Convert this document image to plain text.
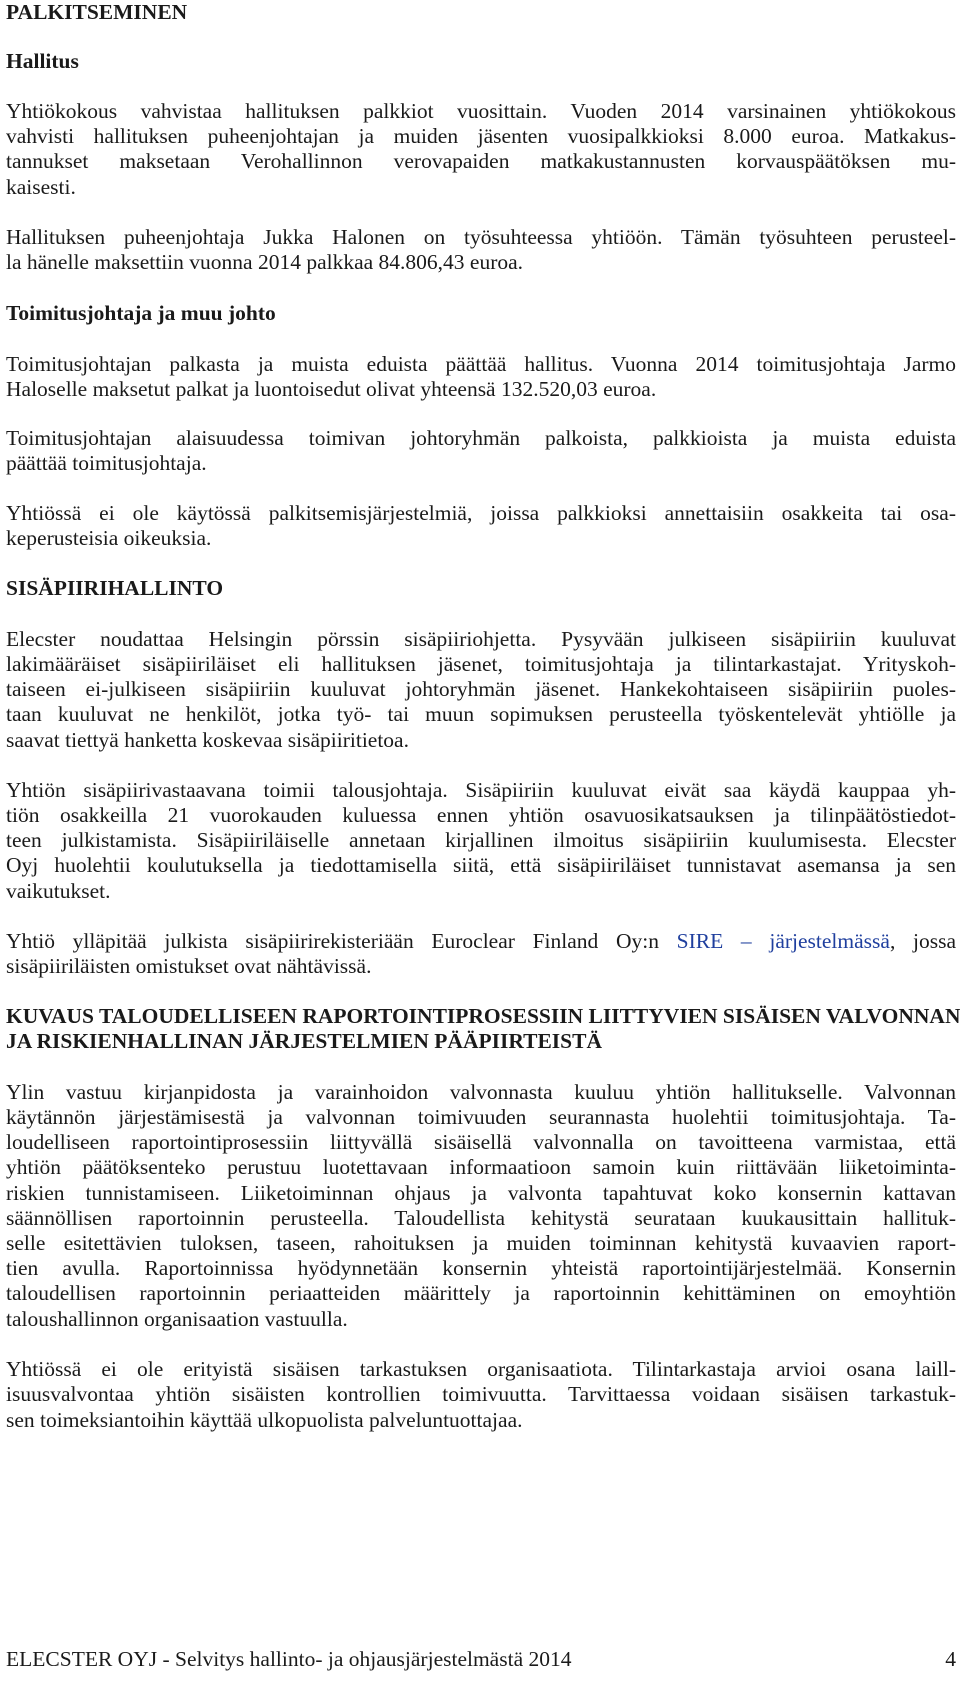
PALKITSEMINEN
Hallitus
Yhtiökokous vahvistaa hallituksen palkkiot vuosittain. Vuoden 2014 varsinainen yhtiökokous
vahvisti hallituksen puheenjohtajan ja muiden jäsenten vuosipalkkioksi 8.000 euroa. Matkakus-
tannukset maksetaan Verohallinnon verovapaiden matkakustannusten korvauspäätöksen mu-
kaisesti.
Hallituksen puheenjohtaja Jukka Halonen on työsuhteessa yhtiöön. Tämän työsuhteen perusteel-
la hänelle maksettiin vuonna 2014 palkkaa 84.806,43 euroa.
Toimitusjohtaja ja muu johto
Toimitusjohtajan palkasta ja muista eduista päättää hallitus. Vuonna 2014 toimitusjohtaja Jarmo
Haloselle maksetut palkat ja luontoisedut olivat yhteensä 132.520,03 euroa.
Toimitusjohtajan alaisuudessa toimivan johtoryhmän palkoista, palkkioista ja muista eduista
päättää toimitusjohtaja.
Yhtiössä ei ole käytössä palkitsemisjärjestelmiä, joissa palkkioksi annettaisiin osakkeita tai osa-
keperusteisia oikeuksia.
SISÄPIIRIHALLINTO
Elecster noudattaa Helsingin pörssin sisäpiiriohjetta. Pysyvään julkiseen sisäpiiriin kuuluvat
lakimääräiset sisäpiiriläiset eli hallituksen jäsenet, toimitusjohtaja ja tilintarkastajat. Yrityskoh-
taiseen ei-julkiseen sisäpiiriin kuuluvat johtoryhmän jäsenet. Hankekohtaiseen sisäpiiriin puoles-
taan kuuluvat ne henkilöt, jotka työ- tai muun sopimuksen perusteella työskentelevät yhtiölle ja
saavat tiettyä hanketta koskevaa sisäpiiritietoa.
Yhtiön sisäpiirivastaavana toimii talousjohtaja. Sisäpiiriin kuuluvat eivät saa käydä kauppaa yh-
tiön osakkeilla 21 vuorokauden kuluessa ennen yhtiön osavuosikatsauksen ja tilinpäätöstiedot-
teen julkistamista. Sisäpiiriläiselle annetaan kirjallinen ilmoitus sisäpiiriin kuulumisesta. Elecster
Oyj huolehtii koulutuksella ja tiedottamisella siitä, että sisäpiiriläiset tunnistavat asemansa ja sen
vaikutukset.
Yhtiö ylläpitää julkista sisäpiirirekisteriään Euroclear Finland Oy:n SIRE – järjestelmässä, jossa
sisäpiiriläisten omistukset ovat nähtävissä.
KUVAUS TALOUDELLISEEN RAPORTOINTIPROSESSIIN LIITTYVIEN SISÄISEN VALVONNAN
JA RISKIENHALLINAN JÄRJESTELMIEN PÄÄPIIRTEISTÄ
Ylin vastuu kirjanpidosta ja varainhoidon valvonnasta kuuluu yhtiön hallitukselle. Valvonnan
käytännön järjestämisestä ja valvonnan toimivuuden seurannasta huolehtii toimitusjohtaja. Ta-
loudelliseen raportointiprosessiin liittyvällä sisäisellä valvonnalla on tavoitteena varmistaa, että
yhtiön päätöksenteko perustuu luotettavaan informaatioon samoin kuin riittävään liiketoiminta-
riskien tunnistamiseen. Liiketoiminnan ohjaus ja valvonta tapahtuvat koko konsernin kattavan
säännöllisen raportoinnin perusteella. Taloudellista kehitystä seurataan kuukausittain hallituk-
selle esitettävien tuloksen, taseen, rahoituksen ja muiden toiminnan kehitystä kuvaavien raport-
tien avulla. Raportoinnissa hyödynnetään konsernin yhteistä raportointijärjestelmää. Konsernin
taloudellisen raportoinnin periaatteiden määrittely ja raportoinnin kehittäminen on emoyhtiön
taloushallinnon organisaation vastuulla.
Yhtiössä ei ole erityistä sisäisen tarkastuksen organisaatiota. Tilintarkastaja arvioi osana laill-
isuusvalvontaa yhtiön sisäisten kontrollien toimivuutta. Tarvittaessa voidaan sisäisen tarkastuk-
sen toimeksiantoihin käyttää ulkopuolista palveluntuottajaa.
ELECSTER OYJ - Selvitys hallinto- ja ohjausjärjestelmästä 2014	4
